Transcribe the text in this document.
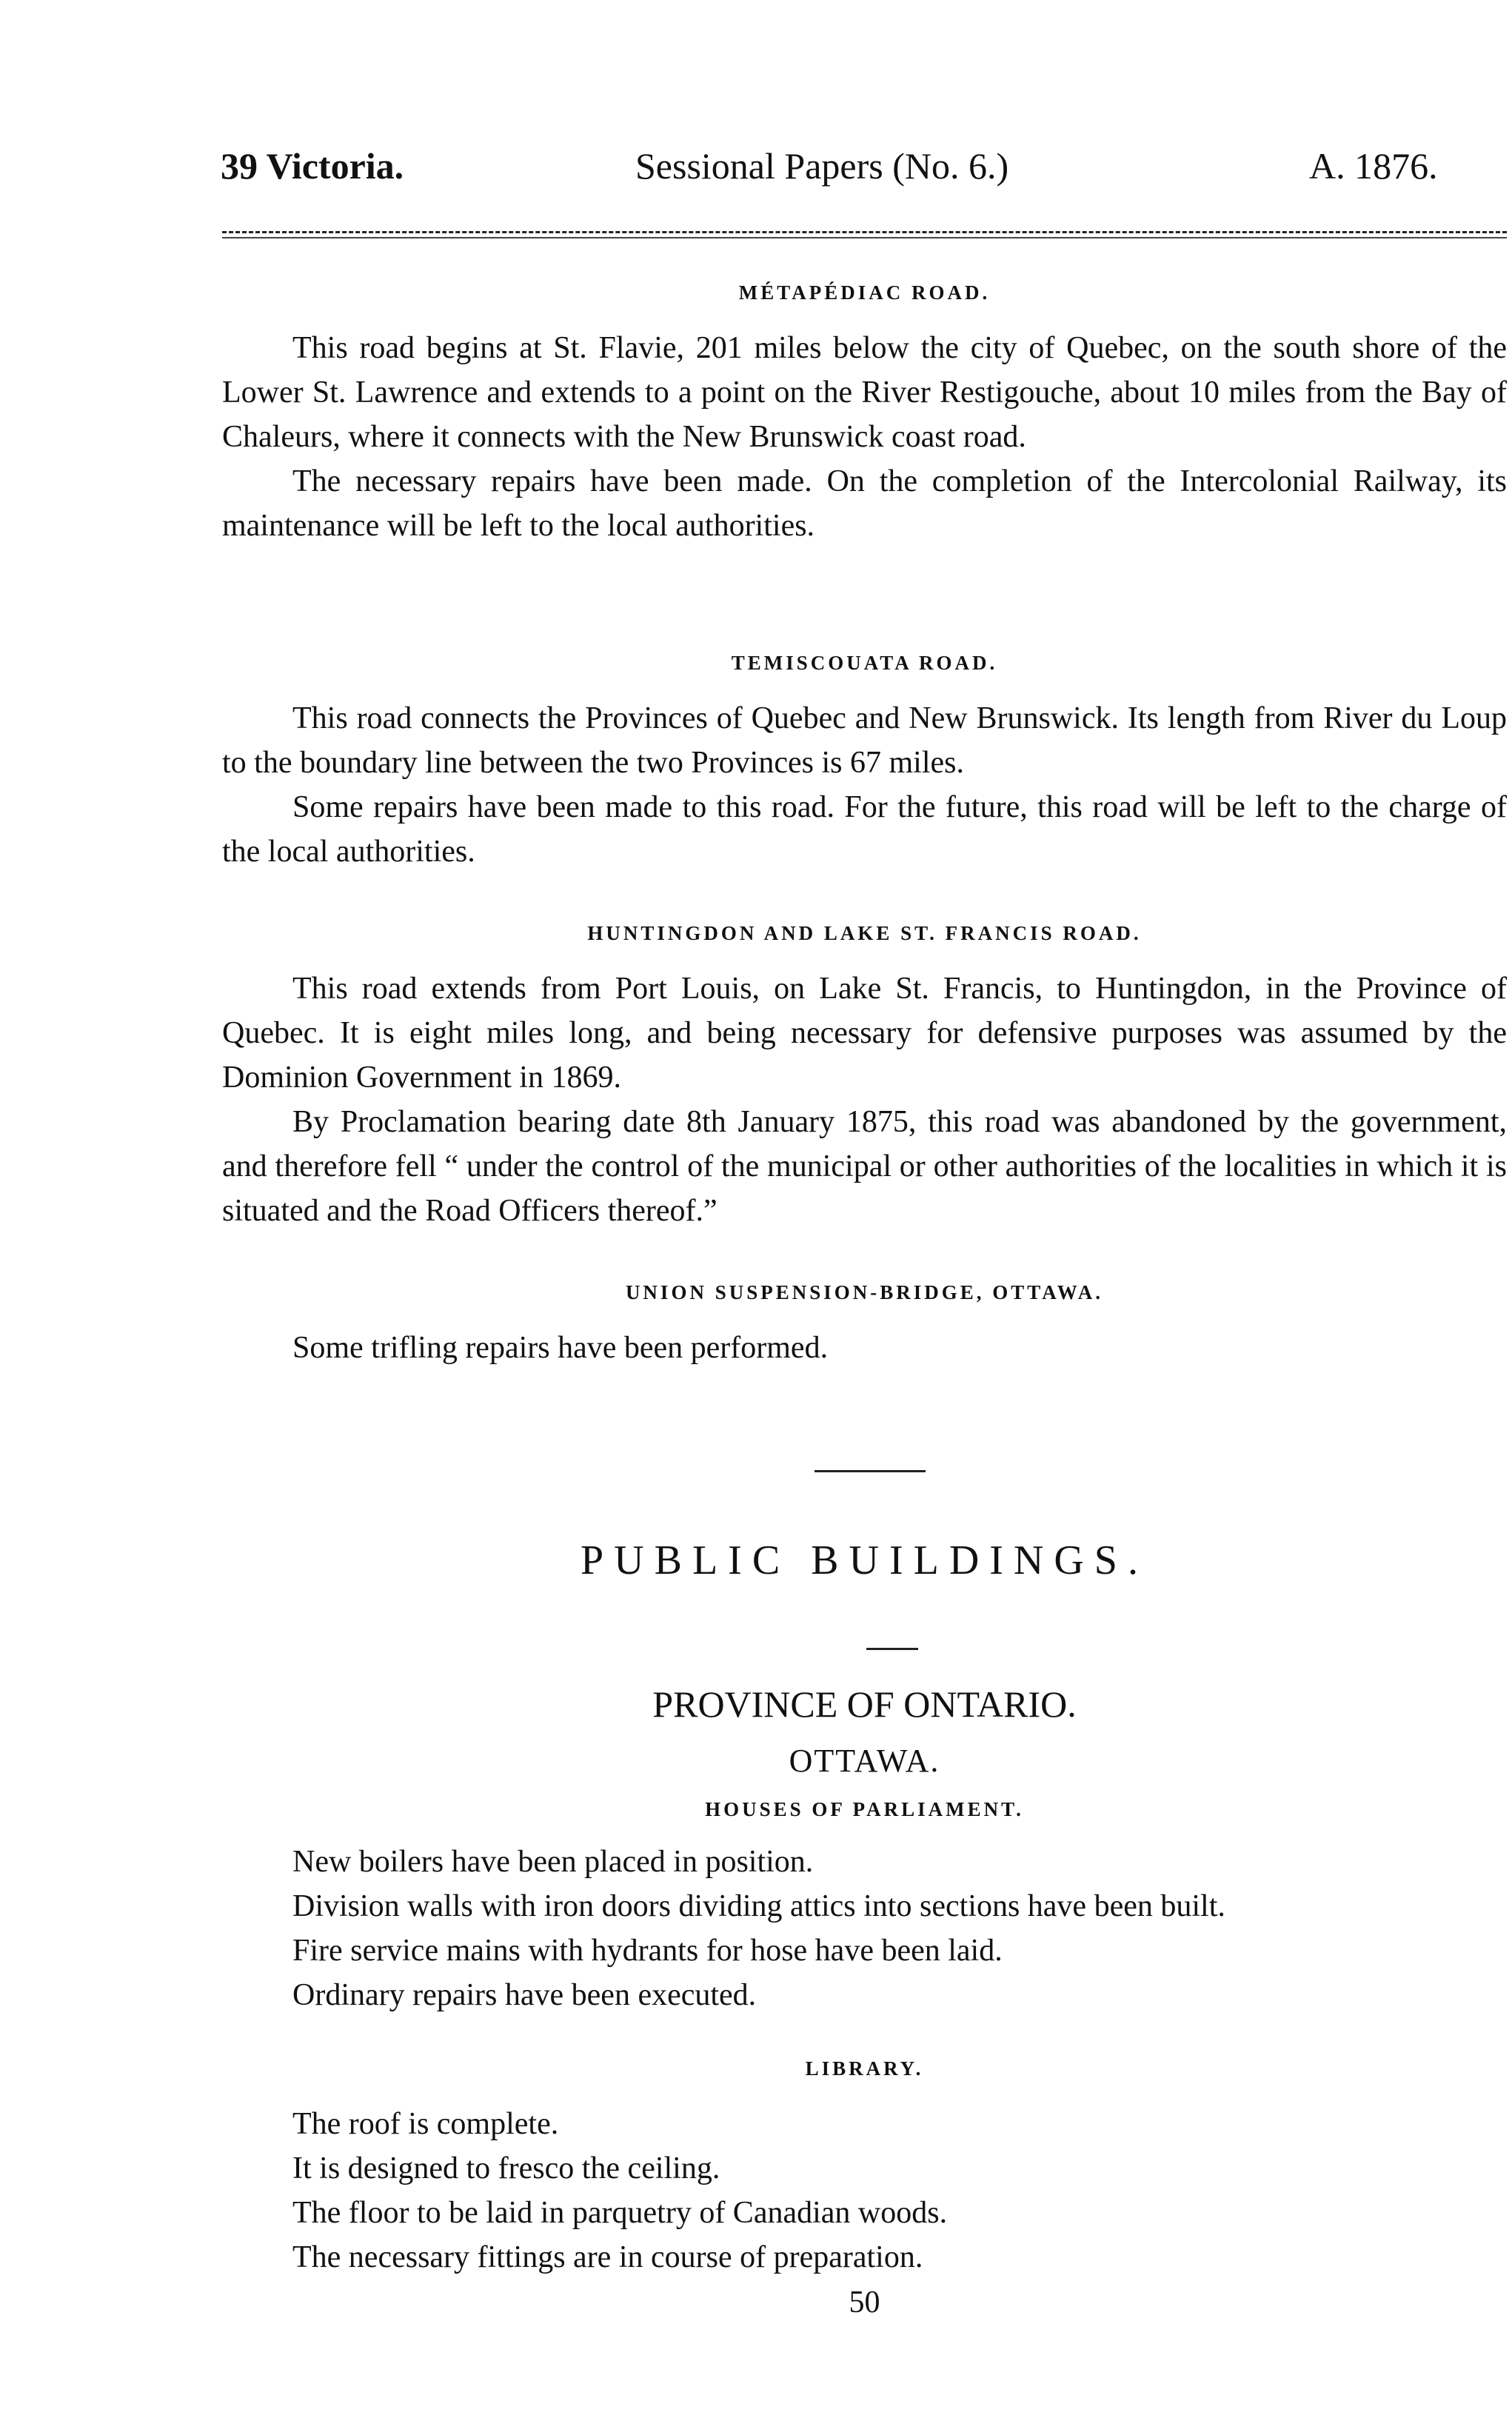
39 Victoria.	Sessional Papers (No. 6.)	A. 1876.

MÉTAPÉDIAC ROAD.

This road begins at St. Flavie, 201 miles below the city of Quebec, on the south shore of the Lower St. Lawrence and extends to a point on the River Restigouche, about 10 miles from the Bay of Chaleurs, where it connects with the New Brunswick coast road.

The necessary repairs have been made. On the completion of the Intercolonial Railway, its maintenance will be left to the local authorities.

TEMISCOUATA ROAD.

This road connects the Provinces of Quebec and New Brunswick. Its length from River du Loup to the boundary line between the two Provinces is 67 miles.

Some repairs have been made to this road. For the future, this road will be left to the charge of the local authorities.

HUNTINGDON AND LAKE ST. FRANCIS ROAD.

This road extends from Port Louis, on Lake St. Francis, to Huntingdon, in the Province of Quebec. It is eight miles long, and being necessary for defensive purposes was assumed by the Dominion Government in 1869.

By Proclamation bearing date 8th January 1875, this road was abandoned by the government, and therefore fell “ under the control of the municipal or other authorities of the localities in which it is situated and the Road Officers thereof.”

UNION SUSPENSION-BRIDGE, OTTAWA.

Some trifling repairs have been performed.

PUBLIC BUILDINGS.

PROVINCE OF ONTARIO.

OTTAWA.

HOUSES OF PARLIAMENT.

New boilers have been placed in position.

Division walls with iron doors dividing attics into sections have been built.

Fire service mains with hydrants for hose have been laid.

Ordinary repairs have been executed.

LIBRARY.

The roof is complete.

It is designed to fresco the ceiling.

The floor to be laid in parquetry of Canadian woods.

The necessary fittings are in course of preparation.

50
